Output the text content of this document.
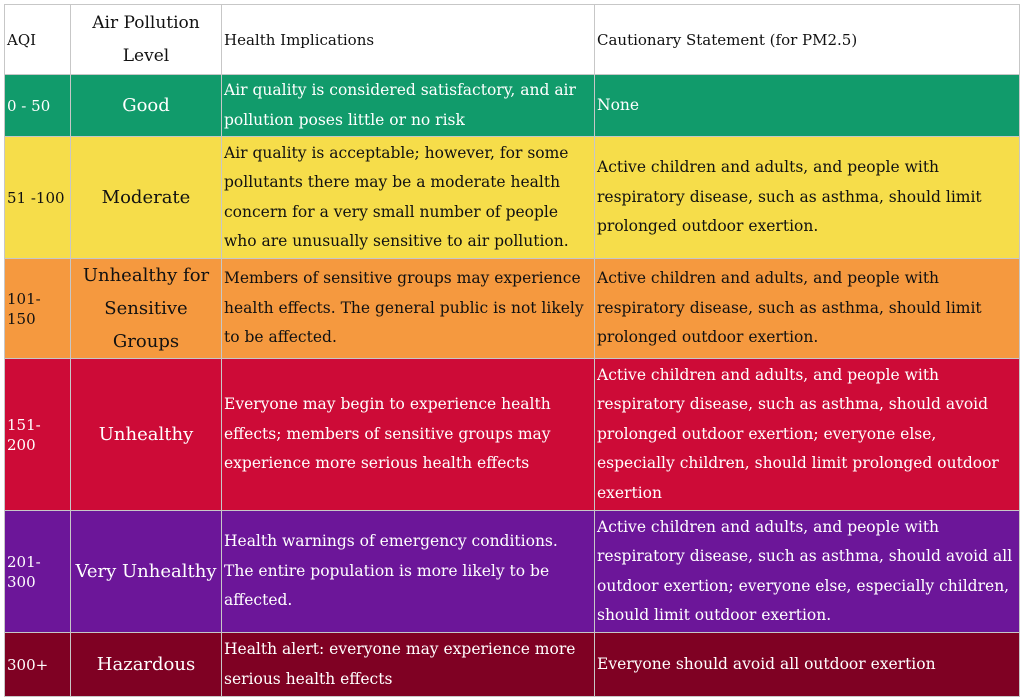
AQI	Air Pollution Level	Health Implications	Cautionary Statement (for PM2.5)
0 - 50	Good	Air quality is considered satisfactory, and air pollution poses little or no risk	None
51 -100	Moderate	Air quality is acceptable; however, for some pollutants there may be a moderate health concern for a very small number of people who are unusually sensitive to air pollution.	Active children and adults, and people with respiratory disease, such as asthma, should limit prolonged outdoor exertion.
101-150	Unhealthy for Sensitive Groups	Members of sensitive groups may experience health effects. The general public is not likely to be affected.	Active children and adults, and people with respiratory disease, such as asthma, should limit prolonged outdoor exertion.
151-200	Unhealthy	Everyone may begin to experience health effects; members of sensitive groups may experience more serious health effects	Active children and adults, and people with respiratory disease, such as asthma, should avoid prolonged outdoor exertion; everyone else, especially children, should limit prolonged outdoor exertion
201-300	Very Unhealthy	Health warnings of emergency conditions. The entire population is more likely to be affected.	Active children and adults, and people with respiratory disease, such as asthma, should avoid all outdoor exertion; everyone else, especially children, should limit outdoor exertion.
300+	Hazardous	Health alert: everyone may experience more serious health effects	Everyone should avoid all outdoor exertion
